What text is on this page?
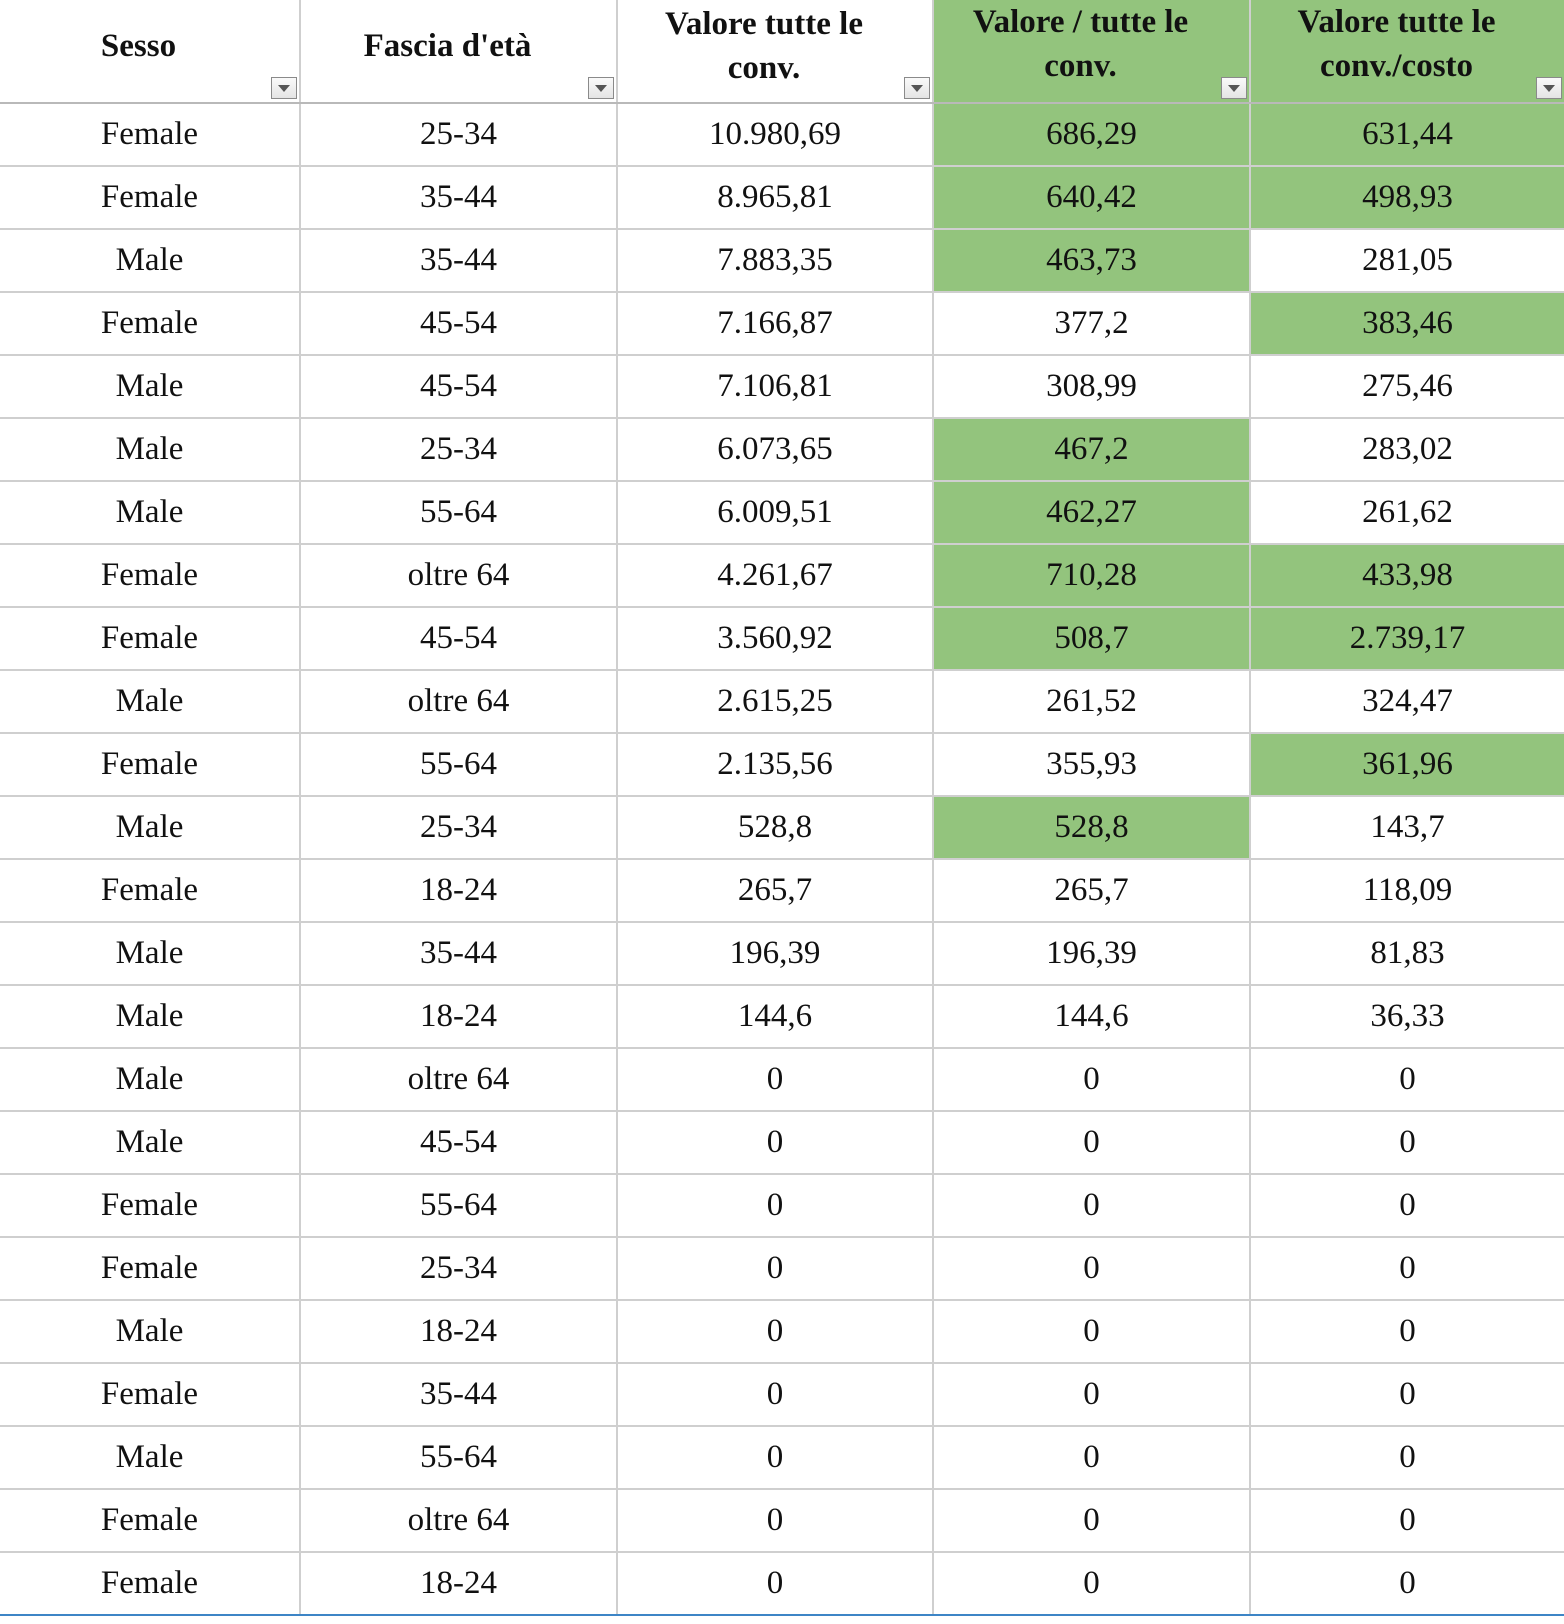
Sesso	Fascia d'età	Valore tutte le conv.	Valore / tutte le conv.	Valore tutte le conv./costo

Female	25-34	10.980,69	686,29	631,44
Female	35-44	8.965,81	640,42	498,93
Male	35-44	7.883,35	463,73	281,05
Female	45-54	7.166,87	377,2	383,46
Male	45-54	7.106,81	308,99	275,46
Male	25-34	6.073,65	467,2	283,02
Male	55-64	6.009,51	462,27	261,62
Female	oltre 64	4.261,67	710,28	433,98
Female	45-54	3.560,92	508,7	2.739,17
Male	oltre 64	2.615,25	261,52	324,47
Female	55-64	2.135,56	355,93	361,96
Male	25-34	528,8	528,8	143,7
Female	18-24	265,7	265,7	118,09
Male	35-44	196,39	196,39	81,83
Male	18-24	144,6	144,6	36,33
Male	oltre 64	0	0	0
Male	45-54	0	0	0
Female	55-64	0	0	0
Female	25-34	0	0	0
Male	18-24	0	0	0
Female	35-44	0	0	0
Male	55-64	0	0	0
Female	oltre 64	0	0	0
Female	18-24	0	0	0
